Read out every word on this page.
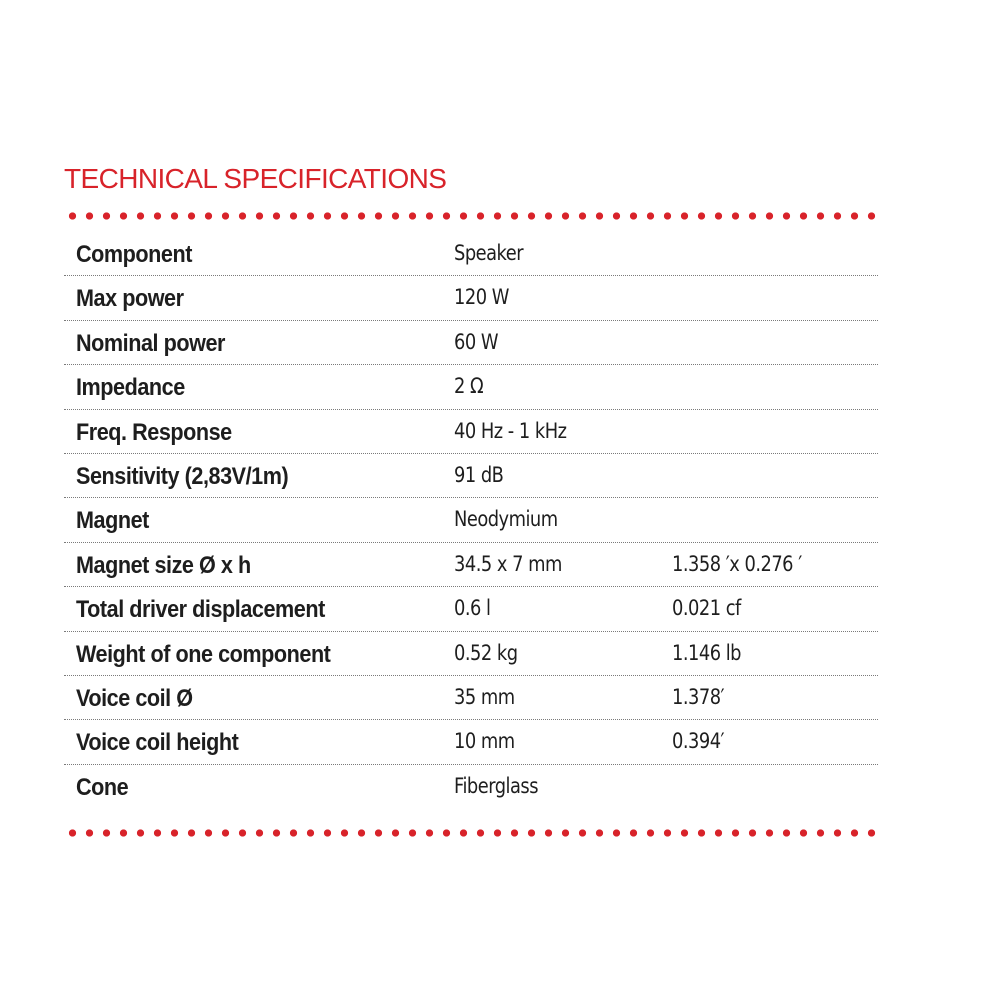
TECHNICAL SPECIFICATIONS
Component	Speaker
Max power	120 W
Nominal power	60 W
Impedance	2 Ω
Freq. Response	40 Hz - 1 kHz
Sensitivity (2,83V/1m)	91 dB
Magnet	Neodymium
Magnet size Ø x h	34.5 x 7 mm	1.358 ′x 0.276 ′
Total driver displacement	0.6 l	0.021 cf
Weight of one component	0.52 kg	1.146 lb
Voice coil Ø	35 mm	1.378′
Voice coil height	10 mm	0.394′
Cone	Fiberglass
